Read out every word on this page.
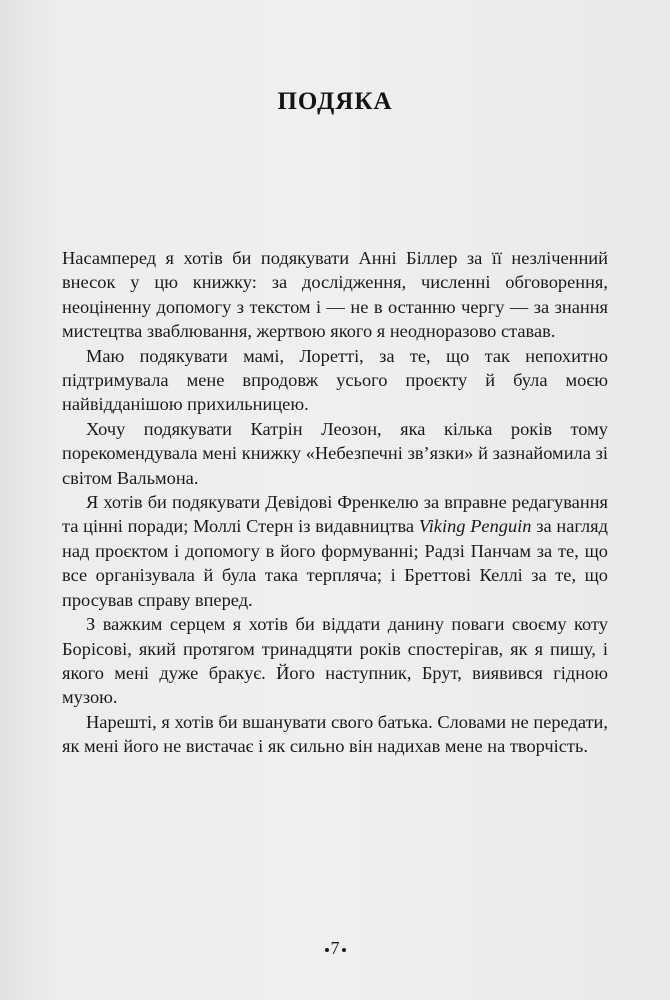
ПОДЯКА

Насамперед я хотів би подякувати Анні Біллер за її незліченний внесок у цю книжку: за дослідження, численні обговорення, неоціненну допомогу з текстом і — не в останню чергу — за знання мистецтва зваблювання, жертвою якого я неодноразово ставав.

Маю подякувати мамі, Лоретті, за те, що так непохитно підтримувала мене впродовж усього проєкту й була моєю найвідданішою прихильницею.

Хочу подякувати Катрін Леозон, яка кілька років тому порекомендувала мені книжку «Небезпечні зв’язки» й зазнайомила зі світом Вальмона.

Я хотів би подякувати Девідові Френкелю за вправне редагування та цінні поради; Моллі Стерн із видавництва Viking Penguin за нагляд над проєктом і допомогу в його формуванні; Радзі Панчам за те, що все організувала й була така терпляча; і Бреттові Келлі за те, що просував справу вперед.

З важким серцем я хотів би віддати данину поваги своєму коту Борісові, який протягом тринадцяти років спостерігав, як я пишу, і якого мені дуже бракує. Його наступник, Брут, виявився гідною музою.

Нарешті, я хотів би вшанувати свого батька. Словами не передати, як мені його не вистачає і як сильно він надихав мене на творчість.

7
